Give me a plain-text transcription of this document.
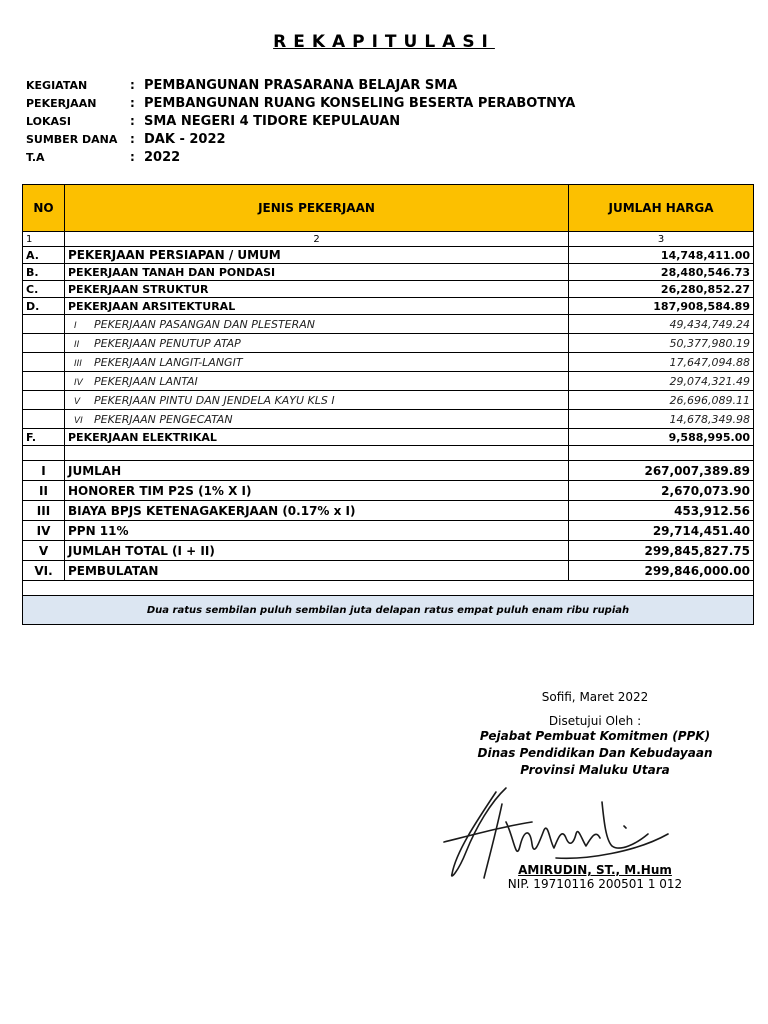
REKAPITULASI
KEGIATAN	: PEMBANGUNAN PRASARANA BELAJAR SMA
PEKERJAAN	: PEMBANGUNAN RUANG KONSELING BESERTA PERABOTNYA
LOKASI	: SMA NEGERI 4 TIDORE KEPULAUAN
SUMBER DANA	: DAK - 2022
T.A	: 2022
NO	JENIS PEKERJAAN	JUMLAH HARGA
1	2	3
A.	PEKERJAAN PERSIAPAN / UMUM	14,748,411.00
B.	PEKERJAAN TANAH DAN PONDASI	28,480,546.73
C.	PEKERJAAN STRUKTUR	26,280,852.27
D.	PEKERJAAN ARSITEKTURAL	187,908,584.89
	I PEKERJAAN PASANGAN DAN PLESTERAN	49,434,749.24
	II PEKERJAAN PENUTUP ATAP	50,377,980.19
	III PEKERJAAN LANGIT-LANGIT	17,647,094.88
	IV PEKERJAAN LANTAI	29,074,321.49
	V PEKERJAAN PINTU DAN JENDELA KAYU KLS I	26,696,089.11
	VI PEKERJAAN PENGECATAN	14,678,349.98
F.	PEKERJAAN ELEKTRIKAL	9,588,995.00

I	JUMLAH	267,007,389.89
II	HONORER TIM P2S (1% X I)	2,670,073.90
III	BIAYA BPJS KETENAGAKERJAAN (0.17% x I)	453,912.56
IV	PPN 11%	29,714,451.40
V	JUMLAH TOTAL (I + II)	299,845,827.75
VI.	PEMBULATAN	299,846,000.00

Dua ratus sembilan puluh sembilan juta delapan ratus empat puluh enam ribu rupiah		
Sofifi, Maret 2022
Disetujui Oleh :
Pejabat Pembuat Komitmen (PPK)
Dinas Pendidikan Dan Kebudayaan
Provinsi Maluku Utara
AMIRUDIN, ST., M.Hum
NIP. 19710116 200501 1 012
